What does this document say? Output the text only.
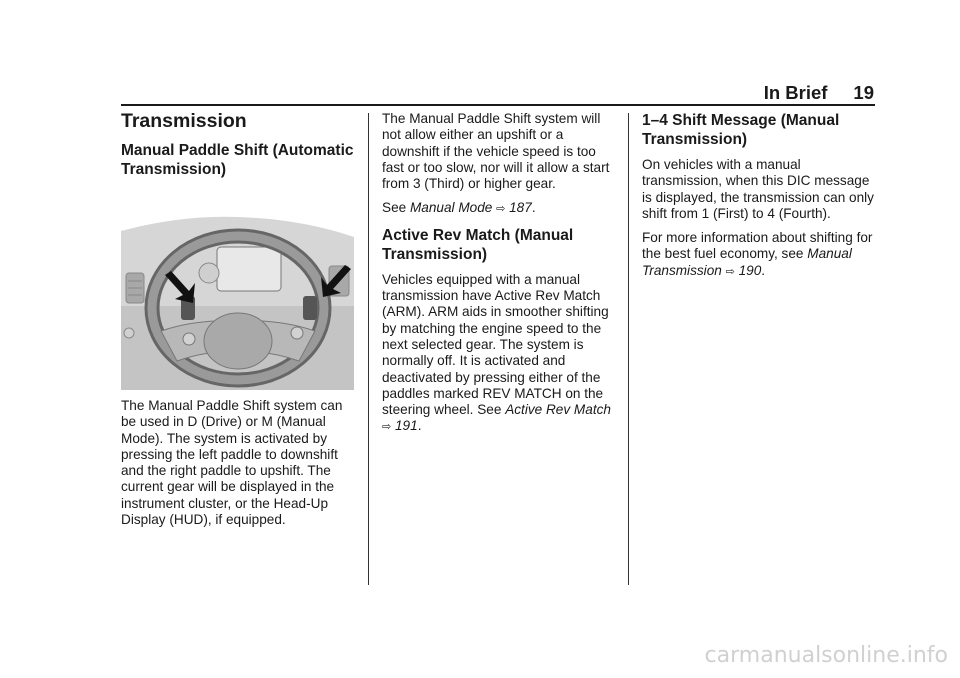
In Brief 19
Transmission
Manual Paddle Shift (Automatic Transmission)

The Manual Paddle Shift system can be used in D (Drive) or M (Manual Mode). The system is activated by pressing the left paddle to downshift and the right paddle to upshift. The current gear will be displayed in the instrument cluster, or the Head-Up Display (HUD), if equipped.

The Manual Paddle Shift system will not allow either an upshift or a downshift if the vehicle speed is too fast or too slow, nor will it allow a start from 3 (Third) or higher gear.

See Manual Mode ⇨ 187.

Active Rev Match (Manual Transmission)

Vehicles equipped with a manual transmission have Active Rev Match (ARM). ARM aids in smoother shifting by matching the engine speed to the next selected gear. The system is normally off. It is activated and deactivated by pressing either of the paddles marked REV MATCH on the steering wheel. See Active Rev Match ⇨ 191.

1–4 Shift Message (Manual Transmission)

On vehicles with a manual transmission, when this DIC message is displayed, the transmission can only shift from 1 (First) to 4 (Fourth).

For more information about shifting for the best fuel economy, see Manual Transmission ⇨ 190.

carmanualsonline.info
